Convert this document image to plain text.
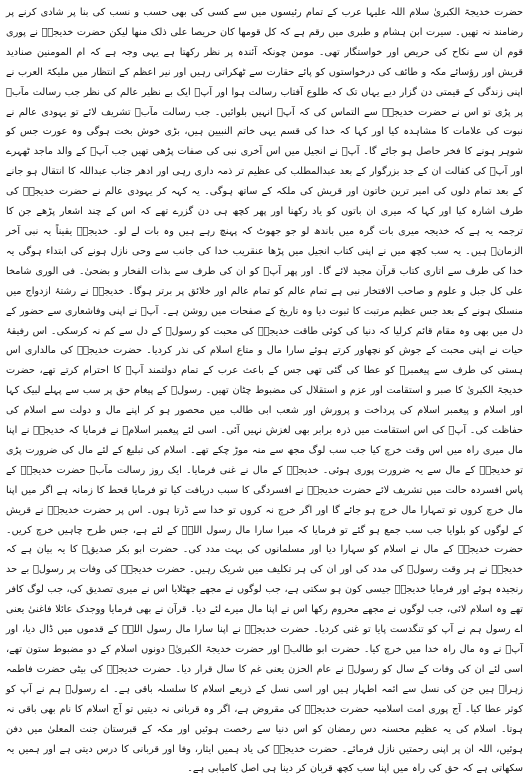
حضرت خدیجۃ الکبریٰ سلام اللہ علیہا عرب کے تمام رئیسوں میں سے کسی کی بھی حسب و نسب کی بنا پر شادی کرنے پر رضامند نہ تھیں۔ سیرت ابن ہشام و طبری میں رقم ہے کہ کل قومها کان حریصا علی ذلک منها لیکن حضرت خدیجہؑ نے پوری قوم ان سے نکاح کی حریص اور خواستگار تھی۔ مومن چونکہ آئندہ پر نظر رکھتا ہے یہی وجہ ہے کہ ام المومنین صنادید قریش اور رؤسائے مکہ و طائف کی درخواستوں کو پائے حقارت سے ٹھکراتی رہیں اور نیر اعظم کے انتظار میں ملیکۃ العرب نے اپنی زندگی کے قیمتی دن گزار دیے یہاں تک کہ طلوع آفتاب رسالت ہوا اور آپؑ ایک بے نظیر عالم کی نظر جب رسالت مآبؐ پر پڑی تو اس نے حضرت خدیجہؑ سے التماس کی کہ آپؐ انہیں بلوائیں۔ جب رسالت مآبؐ تشریف لائے تو یہودی عالم نے نبوت کی علامات کا مشاہدہ کیا اور کہا کہ خدا کی قسم یہی خاتم النبیین ہیں، بڑی خوش بخت ہوگی وہ عورت جس کو شوہر ہونے کا فخر حاصل ہو جائے گا۔ آپؑ نے انجیل میں اس آخری نبی کی صفات پڑھی تھیں جب آپؐ کے والد ماجد ٹھہرے اور آپؐ کی کفالت ان کے جد بزرگوار کے بعد عبدالمطلب کی عظیم تر ذمہ داری رہی اور ادھر جناب عبداللہ کا انتقال ہو جانے کے بعد تمام دلوں کی امیر ترین خاتون اور قریش کی ملکہ کے ساتھ ہوگی۔ یہ کہہ کر یہودی عالم نے حضرت خدیجہؑ کی طرف اشارہ کیا اور کہا کہ میری ان باتوں کو یاد رکھنا اور پھر کچھ ہی دن گزرے تھے کہ اس کے چند اشعار پڑھے جن کا ترجمہ یہ ہے کہ خدیجہ میری بات گرہ میں باندھ لو جو جھوٹ کہ پہنچ رہے ہیں وہ بات لے لو۔ خدیجہؑ یقیناً یہ نبی آخر الزمانؐ ہیں۔ یہ سب کچھ میں نے اپنی کتاب انجیل میں پڑھا عنقریب خدا کی جانب سے وحی نازل ہونے کی ابتداء ہوگی یہ خدا کی طرف سے اتاری کتاب قرآن مجید لائے گا۔ اور پھر آپؑ کو ان کی طرف سے بذات الفخار و بضحیٰ۔ فی الوری شامخا علی کل جبل و علوم و صاحب الافتخار نبی ہے تمام عالم کو تمام عالم اور خلائق پر برتر ہوگا۔ خدیجہؑ نے رشتۂ ازدواج میں منسلک ہونے کے بعد جس عظیم مرتبت کا ثبوت دیا وہ تاریخ کے صفحات میں روشن ہے۔ آپؑ نے اپنی وفاشعاری سے حضور کے دل میں بھی وہ مقام قائم کرلیا کہ دنیا کی کوئی طاقت خدیجہؑ کی محبت کو رسولؐ کے دل سے کم نہ کرسکی۔ اس رفیقۂ حیات نے اپنی محبت کے جوش کو نچھاور کرتے ہوئے سارا مال و متاع اسلام کی نذر کردیا۔ حضرت خدیجہؑ کی مالداری اس ہستی کی طرف سے پیغمبرؐ کو عطا کی گئی تھی جس کے باعث عرب کے تمام دولتمند آپؐ کا احترام کرتے تھے، حضرت خدیجۃ الکبریٰ کا صبر و استقامت اور عزم و استقلال کی مضبوط چٹان تھیں۔ رسولؐ کے پیغام حق پر سب سے پہلے لبیک کہا اور اسلام و پیغمبر اسلام کی پرداخت و پرورش اور شعب ابی طالب میں محصور ہو کر اپنے مال و دولت سے اسلام کی حفاظت کی۔ آپؑ کی اس استقامت میں ذرہ برابر بھی لغزش نہیں آئی۔ اسی لئے پیغمبر اسلامؐ نے فرمایا کہ خدیجہؑ نے اپنا مال میری راہ میں اس وقت خرچ کیا جب سب لوگ مجھ سے منہ موڑ چکے تھے۔ اسلام کی تبلیغ کے لئے مال کی ضرورت پڑی تو خدیجہؑ کے مال سے یہ ضرورت پوری ہوئی۔ خدیجہؑ کے مال نے غنی فرمایا۔ ایک روز رسالت مآبؐ حضرت خدیجہؑ کے پاس افسردہ حالت میں تشریف لائے حضرت خدیجہؑ نے افسردگی کا سبب دریافت کیا تو فرمایا قحط کا زمانہ ہے اگر میں اپنا مال خرچ کروں تو تمہارا مال خرچ ہو جائے گا اور اگر خرچ نہ کروں تو خدا سے ڈرتا ہوں۔ اس پر حضرت خدیجہؑ نے قریش کے لوگوں کو بلوایا جب سب جمع ہو گئے تو فرمایا کہ میرا سارا مال رسول اللہؐ کے لئے ہے، جس طرح چاہیں خرچ کریں۔ حضرت خدیجہؑ کے مال نے اسلام کو سہارا دیا اور مسلمانوں کی بہت مدد کی۔ حضرت ابو بکر صدیقؓ کا یہ بیان ہے کہ خدیجہؑ نے ہر وقت رسولؐ کی مدد کی اور ان کی ہر تکلیف میں شریک رہیں۔ حضرت خدیجہؑ کی وفات پر رسولؐ بے حد رنجیدہ ہوئے اور فرمایا خدیجہؑ جیسی کون ہو سکتی ہے، جب لوگوں نے مجھے جھٹلایا اس نے میری تصدیق کی، جب لوگ کافر تھے وہ اسلام لائی، جب لوگوں نے مجھے محروم رکھا اس نے اپنا مال میرے لئے دیا۔ قرآن نے بھی فرمایا ووجدک عائلا فاغنیٰ یعنی اے رسول ہم نے آپ کو تنگدست پایا تو غنی کردیا۔ حضرت خدیجہؑ نے اپنا سارا مال رسول اللہؐ کے قدموں میں ڈال دیا، اور آپؐ نے وہ مال راہ خدا میں خرچ کیا۔ حضرت ابو طالبؑ اور حضرت خدیجۃ الکبریٰؑ دونوں اسلام کے دو مضبوط ستون تھے، اسی لئے ان کی وفات کے سال کو رسولؐ نے عام الحزن یعنی غم کا سال قرار دیا۔ حضرت خدیجہؑ کی بیٹی حضرت فاطمہ زہراؑ ہیں جن کی نسل سے ائمہ اطہار ہیں اور اسی نسل کے ذریعے اسلام کا سلسلہ باقی ہے۔ اے رسولؐ ہم نے آپ کو کوثر عطا کیا۔ آج پوری امت اسلامیہ حضرت خدیجہؑ کی مقروض ہے، اگر وہ قربانی نہ دیتیں تو آج اسلام کا نام بھی باقی نہ ہوتا۔ اسلام کی یہ عظیم محسنہ دس رمضان کو اس دنیا سے رخصت ہوئیں اور مکہ کے قبرستان جنت المعلیٰ میں دفن ہوئیں، اللہ ان پر اپنی رحمتیں نازل فرمائے۔ حضرت خدیجہؑ کی یاد ہمیں ایثار، وفا اور قربانی کا درس دیتی ہے اور ہمیں یہ سکھاتی ہے کہ حق کی راہ میں اپنا سب کچھ قربان کر دینا ہی اصل کامیابی ہے۔
